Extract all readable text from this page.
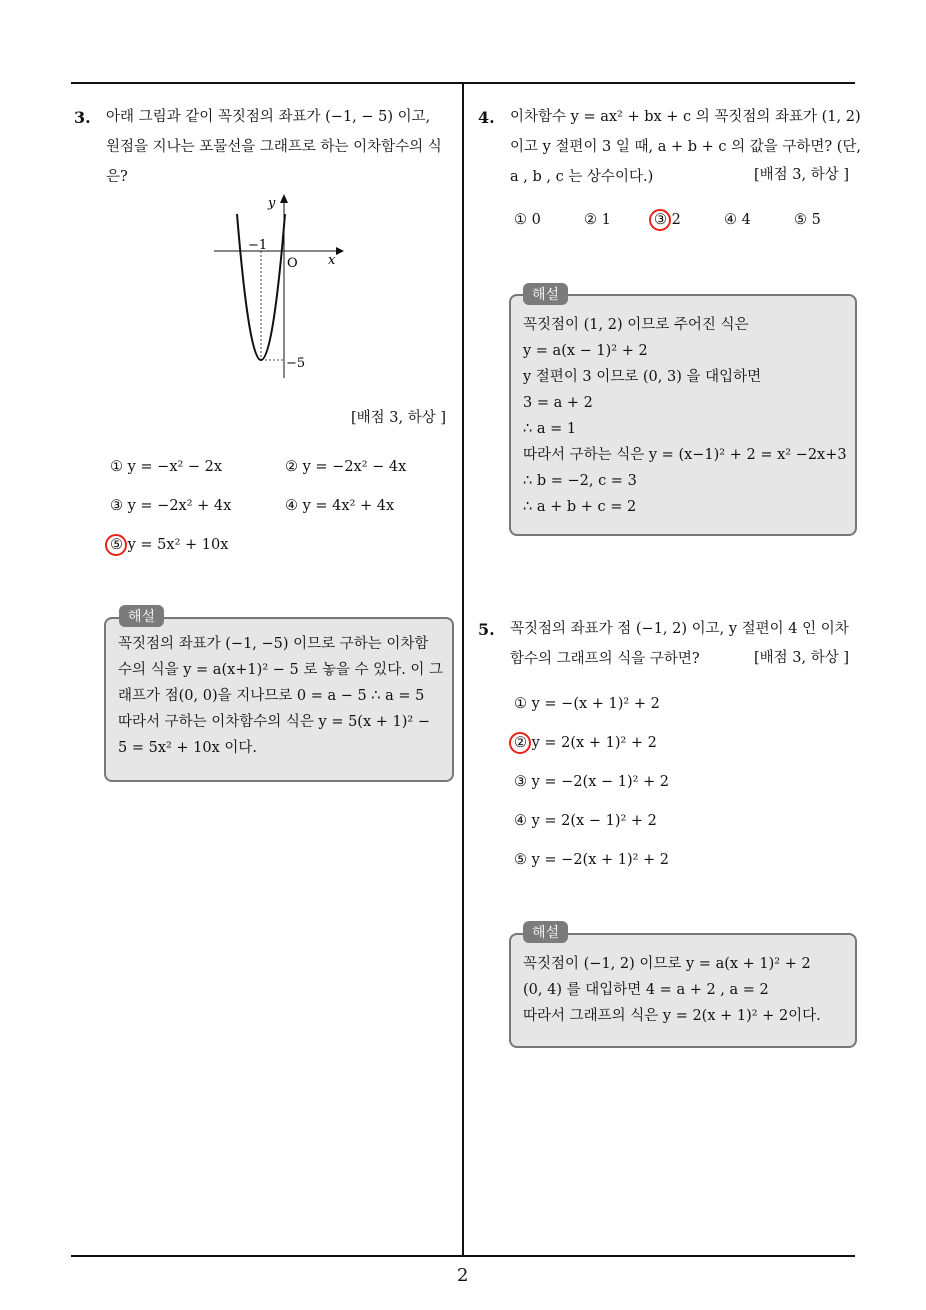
2
3. 아래 그림과 같이 꼭짓점의 좌표가 (−1, − 5) 이고,
원점을 지나는 포물선을 그래프로 하는 이차함수의 식
은?
y
x
O
−1
−5
[배점 3, 하상 ]
① y = −x² − 2x	② y = −2x² − 4x
③ y = −2x² + 4x	④ y = 4x² + 4x
⑤ y = 5x² + 10x
꼭짓점의 좌표가 (−1, −5) 이므로 구하는 이차함
수의 식을 y = a(x+1)² − 5 로 놓을 수 있다. 이 그
래프가 점(0, 0)을 지나므로 0 = a − 5 ∴ a = 5
따라서 구하는 이차함수의 식은 y = 5(x + 1)² −
5 = 5x² + 10x 이다.
해설
4. 이차함수 y = ax² + bx + c 의 꼭짓점의 좌표가 (1, 2)
이고 y 절편이 3 일 때, a + b + c 의 값을 구하면? (단,
a , b , c 는 상수이다.)	[배점 3, 하상 ]
① 0	② 1	③ 2	④ 4	⑤ 5
꼭짓점이 (1, 2) 이므로 주어진 식은
y = a(x − 1)² + 2
y 절편이 3 이므로 (0, 3) 을 대입하면
3 = a + 2
∴ a = 1
따라서 구하는 식은 y = (x−1)² + 2 = x² −2x+3
∴ b = −2, c = 3
∴ a + b + c = 2
해설
5. 꼭짓점의 좌표가 점 (−1, 2) 이고, y 절편이 4 인 이차
함수의 그래프의 식을 구하면?	[배점 3, 하상 ]
① y = −(x + 1)² + 2
② y = 2(x + 1)² + 2
③ y = −2(x − 1)² + 2
④ y = 2(x − 1)² + 2
⑤ y = −2(x + 1)² + 2
꼭짓점이 (−1, 2) 이므로 y = a(x + 1)² + 2
(0, 4) 를 대입하면 4 = a + 2 , a = 2
따라서 그래프의 식은 y = 2(x + 1)² + 2이다.
해설
